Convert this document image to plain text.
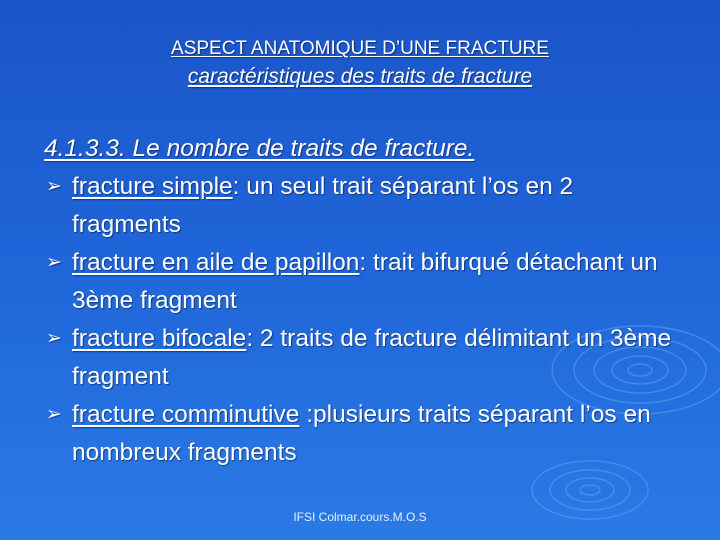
ASPECT ANATOMIQUE D’UNE FRACTURE
caractéristiques des traits de fracture
4.1.3.3. Le nombre de traits de fracture.
➢ fracture simple: un seul trait séparant l’os en 2 fragments
➢ fracture en aile de papillon: trait bifurqué détachant un 3ème fragment
➢ fracture bifocale: 2 traits de fracture délimitant un 3ème fragment
➢ fracture comminutive :plusieurs traits séparant l’os en nombreux fragments
IFSI Colmar.cours.M.O.S
